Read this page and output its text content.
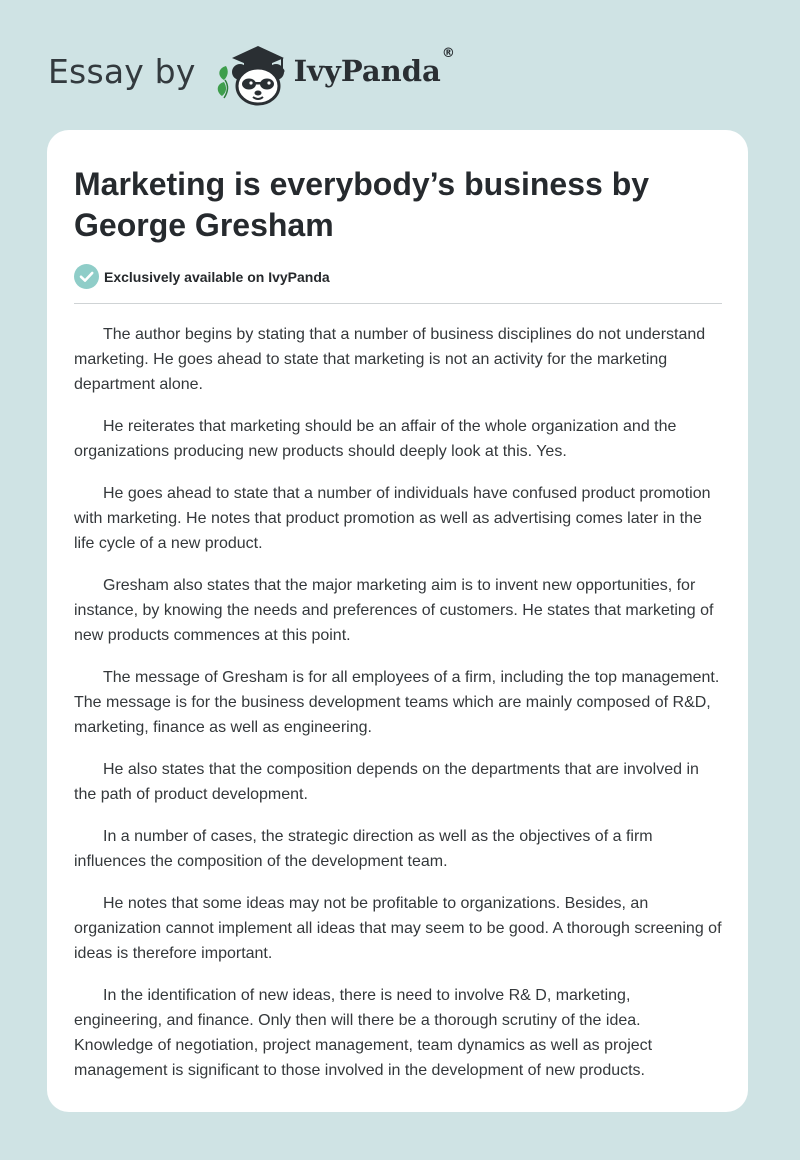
Essay by	IvyPanda®
Marketing is everybody’s business by George Gresham
Exclusively available on IvyPanda

The author begins by stating that a number of business disciplines do not understand marketing. He goes ahead to state that marketing is not an activity for the marketing department alone.

He reiterates that marketing should be an affair of the whole organization and the organizations producing new products should deeply look at this. Yes.

He goes ahead to state that a number of individuals have confused product promotion with marketing. He notes that product promotion as well as advertising comes later in the life cycle of a new product.

Gresham also states that the major marketing aim is to invent new opportunities, for instance, by knowing the needs and preferences of customers. He states that marketing of new products commences at this point.

The message of Gresham is for all employees of a firm, including the top management. The message is for the business development teams which are mainly composed of R&D, marketing, finance as well as engineering.

He also states that the composition depends on the departments that are involved in the path of product development.

In a number of cases, the strategic direction as well as the objectives of a firm influences the composition of the development team.

He notes that some ideas may not be profitable to organizations. Besides, an organization cannot implement all ideas that may seem to be good. A thorough screening of ideas is therefore important.

In the identification of new ideas, there is need to involve R& D, marketing, engineering, and finance. Only then will there be a thorough scrutiny of the idea. Knowledge of negotiation, project management, team dynamics as well as project management is significant to those involved in the development of new products.
